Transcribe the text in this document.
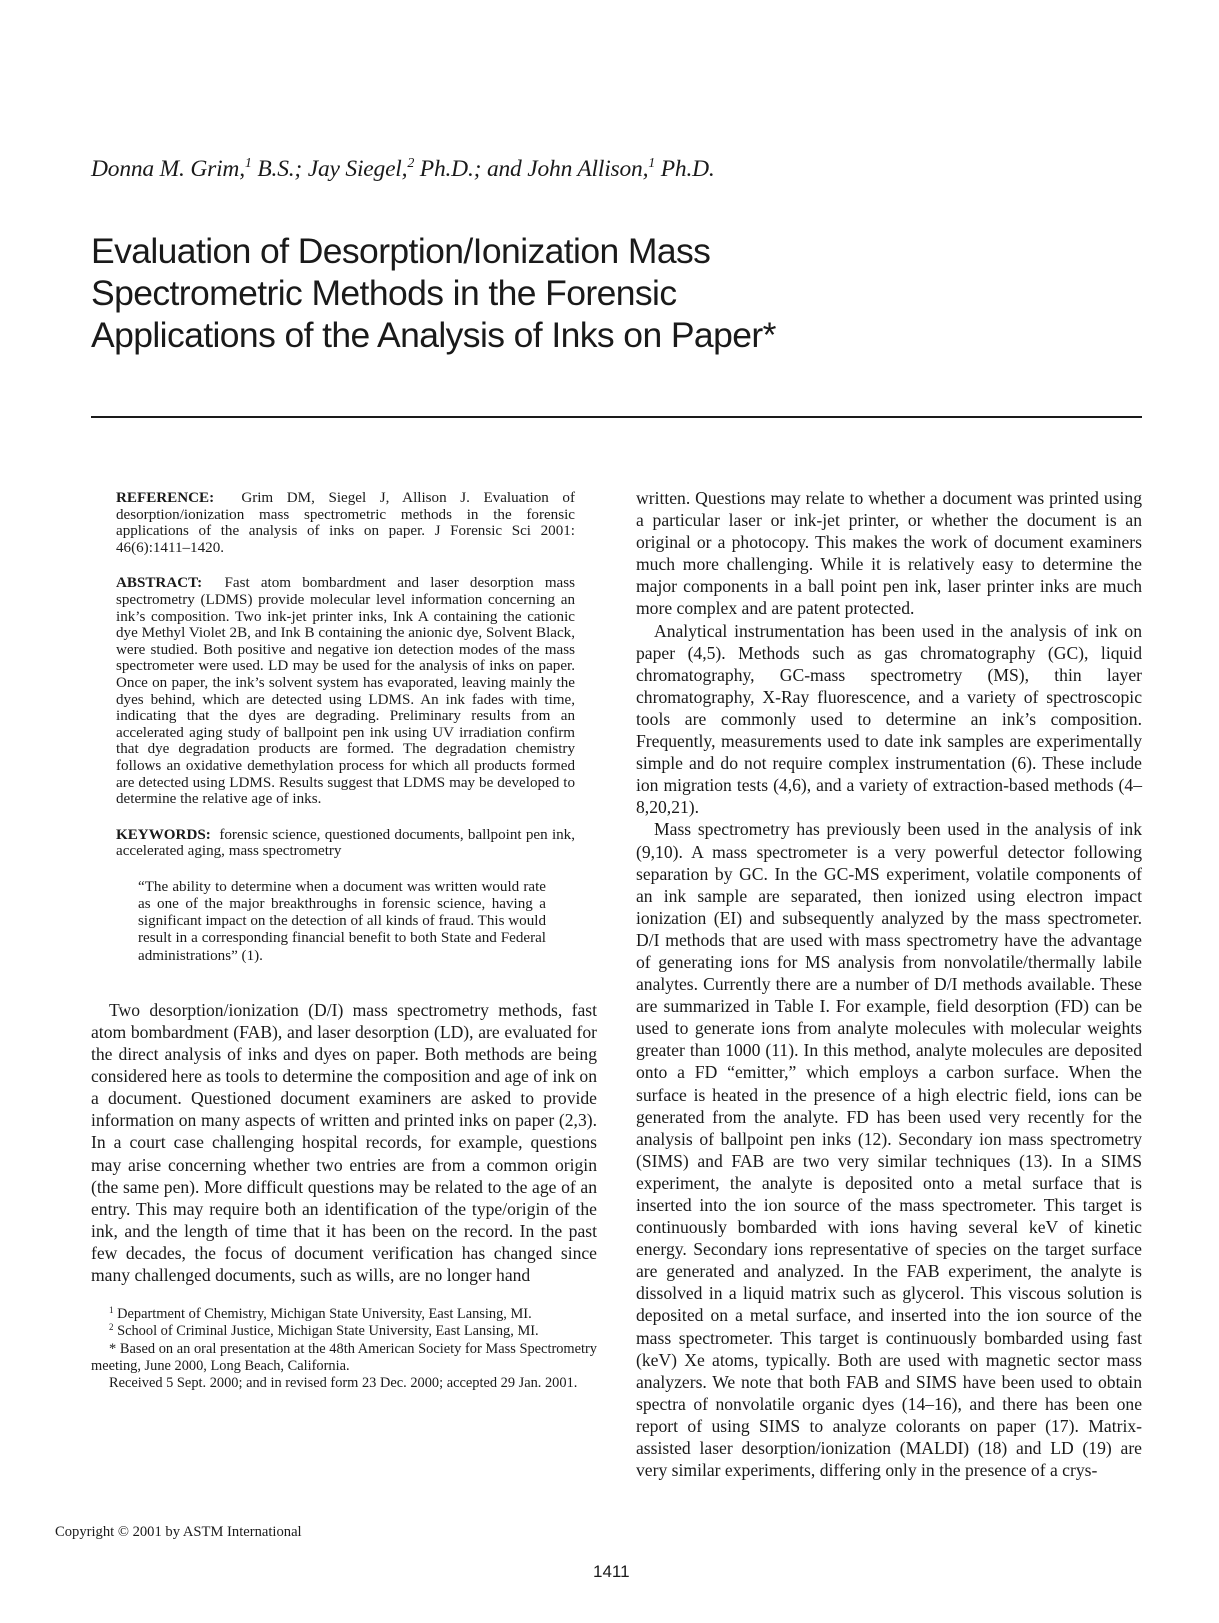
Donna M. Grim,$^1$ B.S.; Jay Siegel,$^2$ Ph.D.; and John Allison,$^1$ Ph.D.
Evaluation of Desorption/Ionization Mass
Spectrometric Methods in the Forensic
Applications of the Analysis of Inks on Paper*

REFERENCE: Grim DM, Siegel J, Allison J. Evaluation of desorption/ionization mass spectrometric methods in the forensic applications of the analysis of inks on paper. J Forensic Sci 2001: 46(6):1411–1420.

ABSTRACT: Fast atom bombardment and laser desorption mass spectrometry (LDMS) provide molecular level information concerning an ink’s composition. Two ink-jet printer inks, Ink A containing the cationic dye Methyl Violet 2B, and Ink B containing the anionic dye, Solvent Black, were studied. Both positive and negative ion detection modes of the mass spectrometer were used. LD may be used for the analysis of inks on paper. Once on paper, the ink’s solvent system has evaporated, leaving mainly the dyes behind, which are detected using LDMS. An ink fades with time, indicating that the dyes are degrading. Preliminary results from an accelerated aging study of ballpoint pen ink using UV irradiation confirm that dye degradation products are formed. The degradation chemistry follows an oxidative demethylation process for which all products formed are detected using LDMS. Results suggest that LDMS may be developed to determine the relative age of inks.

KEYWORDS: forensic science, questioned documents, ballpoint pen ink, accelerated aging, mass spectrometry

“The ability to determine when a document was written would rate as one of the major breakthroughs in forensic science, having a significant impact on the detection of all kinds of fraud. This would result in a corresponding financial benefit to both State and Federal administrations” (1).

Two desorption/ionization (D/I) mass spectrometry methods, fast atom bombardment (FAB), and laser desorption (LD), are evaluated for the direct analysis of inks and dyes on paper. Both methods are being considered here as tools to determine the composition and age of ink on a document. Questioned document examiners are asked to provide information on many aspects of written and printed inks on paper (2,3). In a court case challenging hospital records, for example, questions may arise concerning whether two entries are from a common origin (the same pen). More difficult questions may be related to the age of an entry. This may require both an identification of the type/origin of the ink, and the length of time that it has been on the record. In the past few decades, the focus of document verification has changed since many challenged documents, such as wills, are no longer hand

$^1$ Department of Chemistry, Michigan State University, East Lansing, MI.

$^2$ School of Criminal Justice, Michigan State University, East Lansing, MI.

* Based on an oral presentation at the 48th American Society for Mass Spectrometry meeting, June 2000, Long Beach, California.

Received 5 Sept. 2000; and in revised form 23 Dec. 2000; accepted 29 Jan. 2001.

written. Questions may relate to whether a document was printed using a particular laser or ink-jet printer, or whether the document is an original or a photocopy. This makes the work of document examiners much more challenging. While it is relatively easy to determine the major components in a ball point pen ink, laser printer inks are much more complex and are patent protected.

Analytical instrumentation has been used in the analysis of ink on paper (4,5). Methods such as gas chromatography (GC), liquid chromatography, GC-mass spectrometry (MS), thin layer chromatography, X-Ray fluorescence, and a variety of spectroscopic tools are commonly used to determine an ink’s composition. Frequently, measurements used to date ink samples are experimentally simple and do not require complex instrumentation (6). These include ion migration tests (4,6), and a variety of extraction-based methods (4–8,20,21).

Mass spectrometry has previously been used in the analysis of ink (9,10). A mass spectrometer is a very powerful detector following separation by GC. In the GC-MS experiment, volatile components of an ink sample are separated, then ionized using electron impact ionization (EI) and subsequently analyzed by the mass spectrometer. D/I methods that are used with mass spectrometry have the advantage of generating ions for MS analysis from nonvolatile/thermally labile analytes. Currently there are a number of D/I methods available. These are summarized in Table I. For example, field desorption (FD) can be used to generate ions from analyte molecules with molecular weights greater than 1000 (11). In this method, analyte molecules are deposited onto a FD “emitter,” which employs a carbon surface. When the surface is heated in the presence of a high electric field, ions can be generated from the analyte. FD has been used very recently for the analysis of ballpoint pen inks (12). Secondary ion mass spectrometry (SIMS) and FAB are two very similar techniques (13). In a SIMS experiment, the analyte is deposited onto a metal surface that is inserted into the ion source of the mass spectrometer. This target is continuously bombarded with ions having several keV of kinetic energy. Secondary ions representative of species on the target surface are generated and analyzed. In the FAB experiment, the analyte is dissolved in a liquid matrix such as glycerol. This viscous solution is deposited on a metal surface, and inserted into the ion source of the mass spectrometer. This target is continuously bombarded using fast (keV) Xe atoms, typically. Both are used with magnetic sector mass analyzers. We note that both FAB and SIMS have been used to obtain spectra of nonvolatile organic dyes (14–16), and there has been one report of using SIMS to analyze colorants on paper (17). Matrix-assisted laser desorption/ionization (MALDI) (18) and LD (19) are very similar experiments, differing only in the presence of a crys-

Copyright © 2001 by ASTM International
1411
